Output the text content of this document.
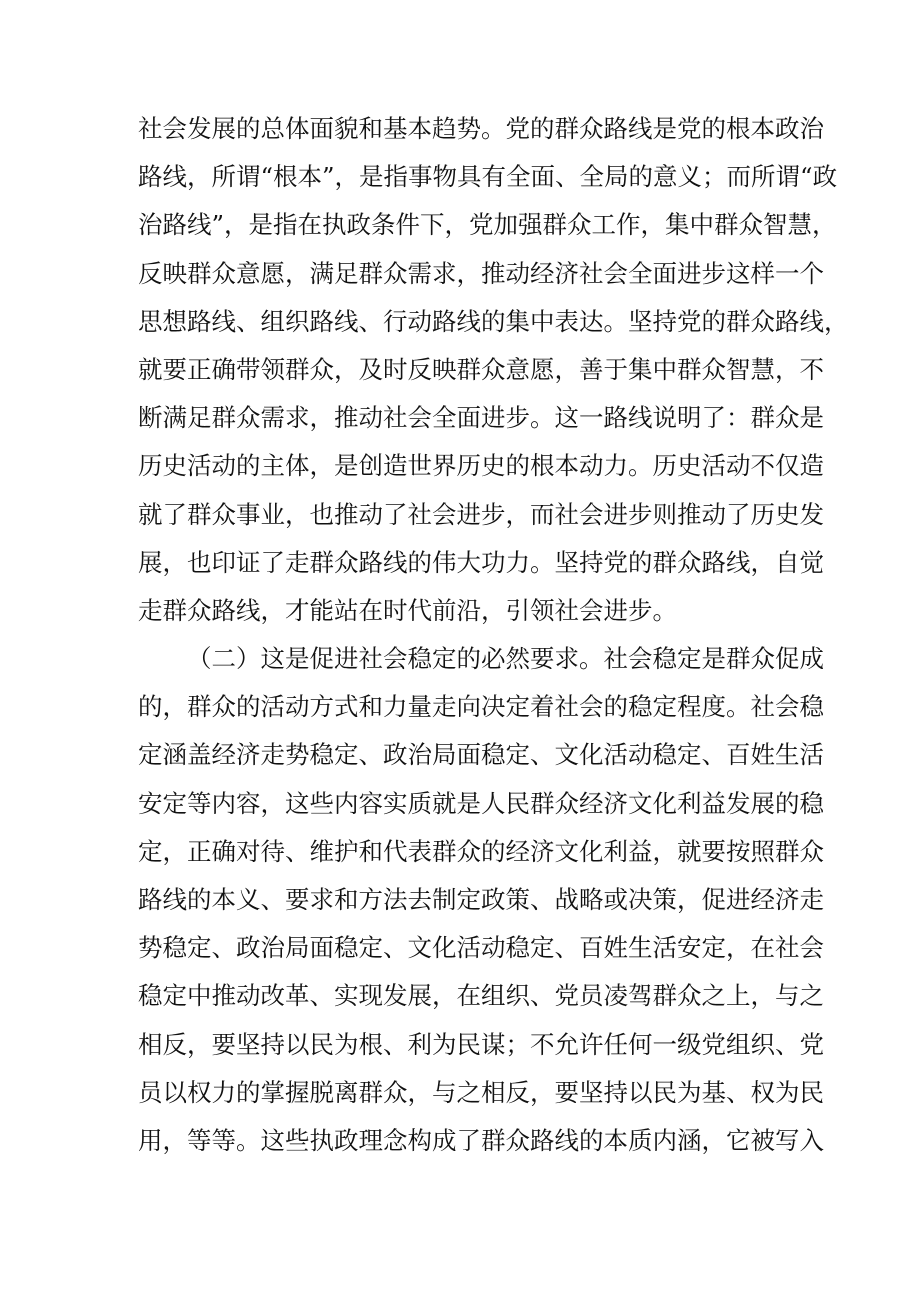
社会发展的总体面貌和基本趋势。党的群众路线是党的根本政治
路线，所谓“根本”，是指事物具有全面、全局的意义；而所谓“政
治路线”，是指在执政条件下，党加强群众工作，集中群众智慧，
反映群众意愿，满足群众需求，推动经济社会全面进步这样一个
思想路线、组织路线、行动路线的集中表达。坚持党的群众路线，
就要正确带领群众，及时反映群众意愿，善于集中群众智慧，不
断满足群众需求，推动社会全面进步。这一路线说明了：群众是
历史活动的主体，是创造世界历史的根本动力。历史活动不仅造
就了群众事业，也推动了社会进步，而社会进步则推动了历史发
展，也印证了走群众路线的伟大功力。坚持党的群众路线，自觉
走群众路线，才能站在时代前沿，引领社会进步。
（二）这是促进社会稳定的必然要求。社会稳定是群众促成
的，群众的活动方式和力量走向决定着社会的稳定程度。社会稳
定涵盖经济走势稳定、政治局面稳定、文化活动稳定、百姓生活
安定等内容，这些内容实质就是人民群众经济文化利益发展的稳
定，正确对待、维护和代表群众的经济文化利益，就要按照群众
路线的本义、要求和方法去制定政策、战略或决策，促进经济走
势稳定、政治局面稳定、文化活动稳定、百姓生活安定，在社会
稳定中推动改革、实现发展，在组织、党员凌驾群众之上，与之
相反，要坚持以民为根、利为民谋；不允许任何一级党组织、党
员以权力的掌握脱离群众，与之相反，要坚持以民为基、权为民
用，等等。这些执政理念构成了群众路线的本质内涵，它被写入
